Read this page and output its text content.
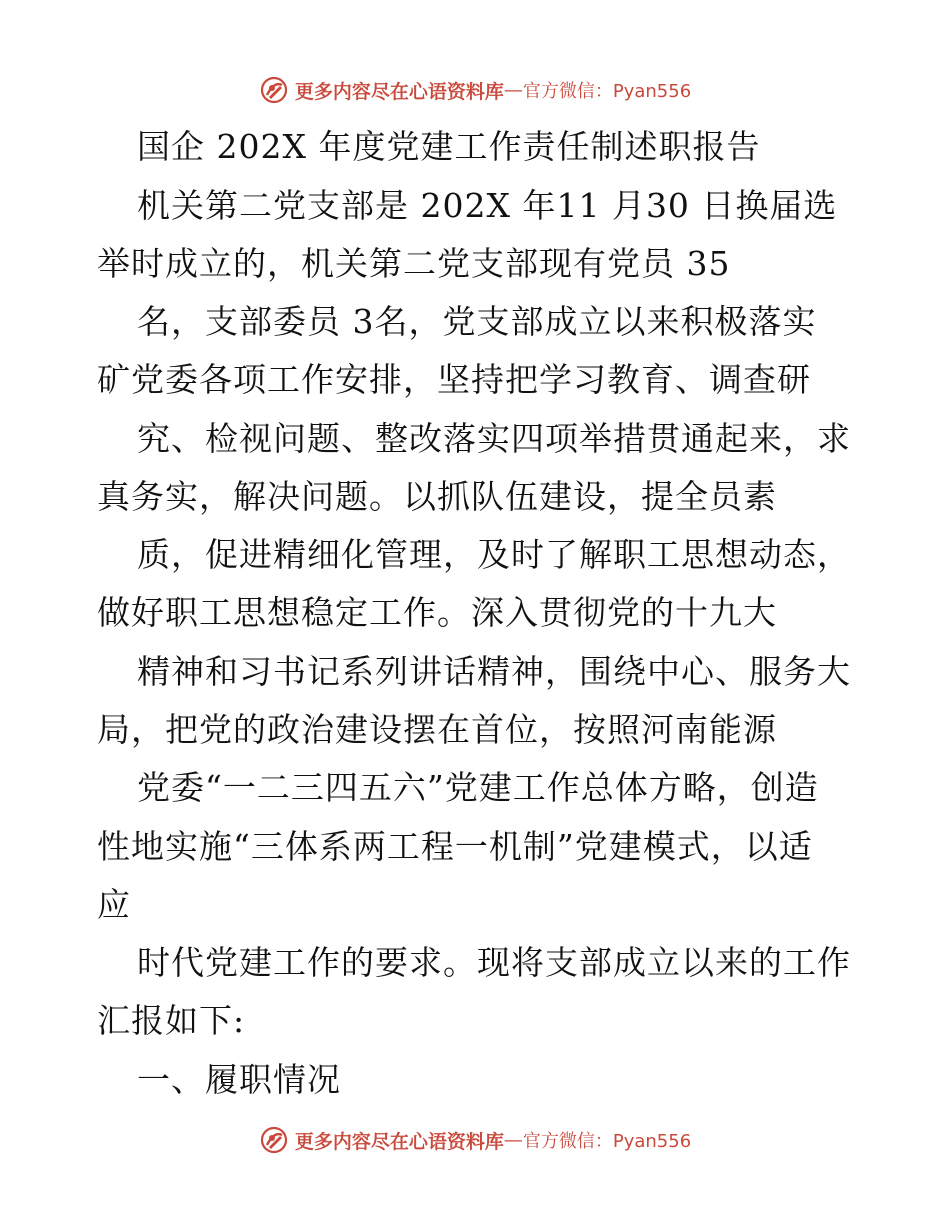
更多内容尽在心语资料库 — 官方微信：Pyan556
国企 202X 年度党建工作责任制述职报告
机关第二党支部是 202X 年11 月30 日换届选
举时成立的，机关第二党支部现有党员 35
名，支部委员 3名，党支部成立以来积极落实
矿党委各项工作安排，坚持把学习教育、调查研
究、检视问题、整改落实四项举措贯通起来，求
真务实，解决问题。以抓队伍建设，提全员素
质，促进精细化管理，及时了解职工思想动态，
做好职工思想稳定工作。深入贯彻党的十九大
精神和习书记系列讲话精神，围绕中心、服务大
局，把党的政治建设摆在首位，按照河南能源
党委“一二三四五六”党建工作总体方略，创造
性地实施“三体系两工程一机制”党建模式，以适
应
时代党建工作的要求。现将支部成立以来的工作
汇报如下:
一、履职情况
更多内容尽在心语资料库 — 官方微信：Pyan556
